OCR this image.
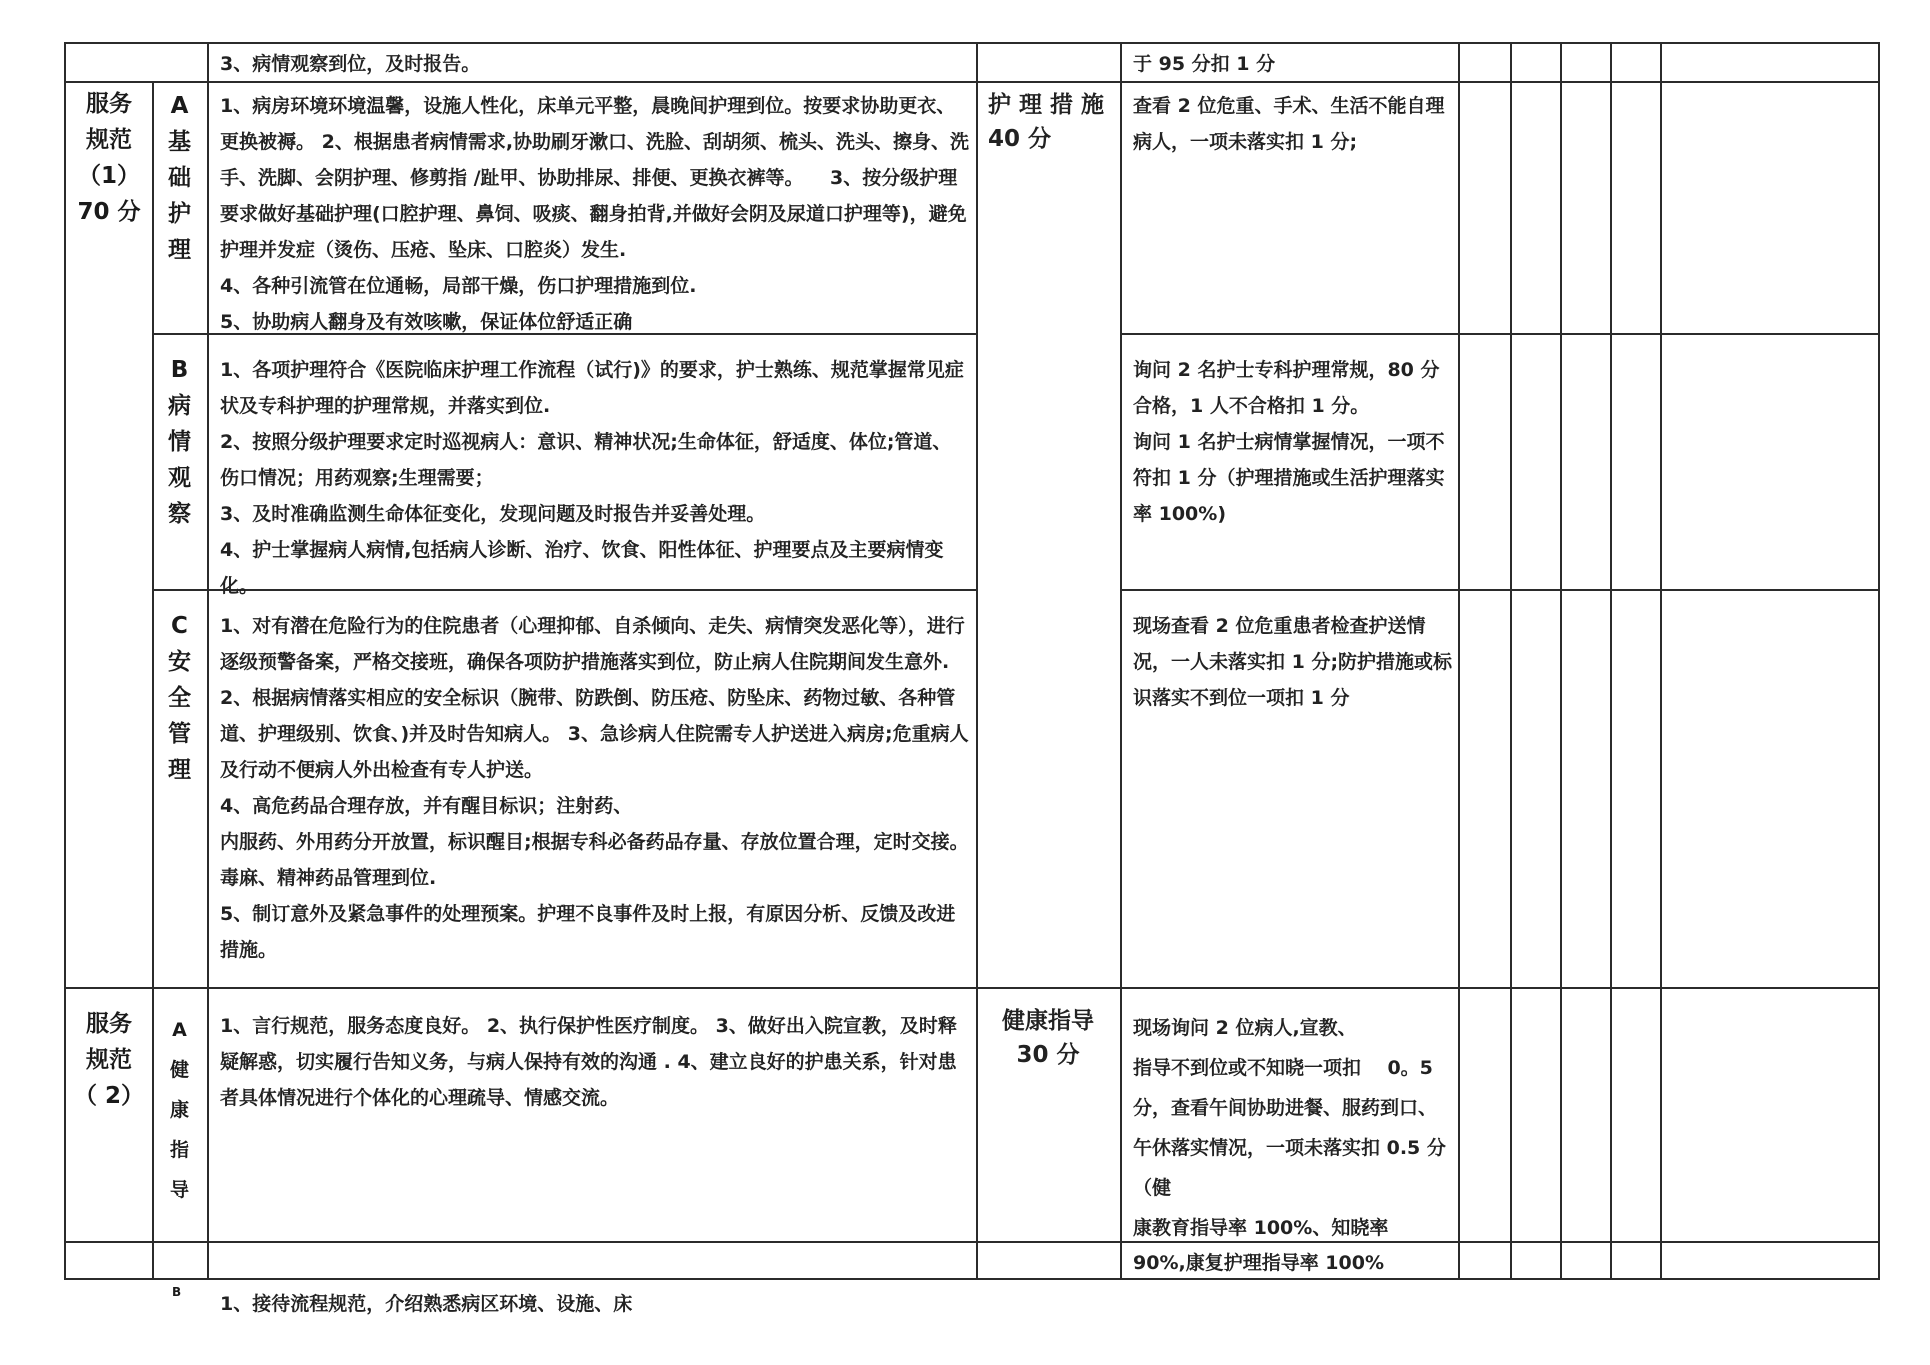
3、病情观察到位，及时报告。	于 95 分扣 1 分
服务
规范
（1）
70 分
护 理 措 施
40 分
A
基
础
护
理
1、病房环境环境温馨，设施人性化，床单元平整，晨晚间护理到位。按要求协助更衣、更换被褥。 2、根据患者病情需求,协助刷牙漱口、洗脸、刮胡须、梳头、洗头、擦身、洗手、洗脚、会阴护理、修剪指 /趾甲、协助排尿、排便、更换衣裤等。    3、按分级护理要求做好基础护理(口腔护理、鼻饲、吸痰、翻身拍背,并做好会阴及尿道口护理等)，避免护理并发症（烫伤、压疮、坠床、口腔炎）发生.
4、各种引流管在位通畅，局部干燥，伤口护理措施到位.
5、协助病人翻身及有效咳嗽，保证体位舒适正确
查看 2 位危重、手术、生活不能自理病人，一项未落实扣 1 分;
B
病
情
观
察
1、各项护理符合《医院临床护理工作流程（试行)》的要求，护士熟练、规范掌握常见症状及专科护理的护理常规，并落实到位.
2、按照分级护理要求定时巡视病人：意识、精神状况;生命体征，舒适度、体位;管道、伤口情况；用药观察;生理需要；
3、及时准确监测生命体征变化，发现问题及时报告并妥善处理。
4、护士掌握病人病情,包括病人诊断、治疗、饮食、阳性体征、护理要点及主要病情变化。
询问 2 名护士专科护理常规，80 分合格，1 人不合格扣 1 分。
询问 1 名护士病情掌握情况，一项不符扣 1 分（护理措施或生活护理落实率 100%)
C
安
全
管
理
1、对有潜在危险行为的住院患者（心理抑郁、自杀倾向、走失、病情突发恶化等），进行逐级预警备案，严格交接班，确保各项防护措施落实到位，防止病人住院期间发生意外.
2、根据病情落实相应的安全标识（腕带、防跌倒、防压疮、防坠床、药物过敏、各种管道、护理级别、饮食、)并及时告知病人。 3、急诊病人住院需专人护送进入病房;危重病人及行动不便病人外出检查有专人护送。
4、高危药品合理存放，并有醒目标识；注射药、
内服药、外用药分开放置，标识醒目;根据专科必备药品存量、存放位置合理，定时交接。毒麻、精神药品管理到位.
5、制订意外及紧急事件的处理预案。护理不良事件及时上报，有原因分析、反馈及改进措施。
现场查看 2 位危重患者检查护送情况，一人未落实扣 1 分;防护措施或标识落实不到位一项扣 1 分
服务
规范
（ 2）
健康指导
30 分
A
健
康
指
导
1、言行规范，服务态度良好。 2、执行保护性医疗制度。 3、做好出入院宣教，及时释疑解惑，切实履行告知义务，与病人保持有效的沟通 . 4、建立良好的护患关系，针对患者具体情况进行个体化的心理疏导、情感交流。
现场询问 2 位病人,宣教、
指导不到位或不知晓一项扣    0。5 分，查看午间协助进餐、服药到口、午休落实情况，一项未落实扣 0.5 分 （健
康教育指导率 100%、知晓率
90%,康复护理指导率 100%
B
1、接待流程规范，介绍熟悉病区环境、设施、床
